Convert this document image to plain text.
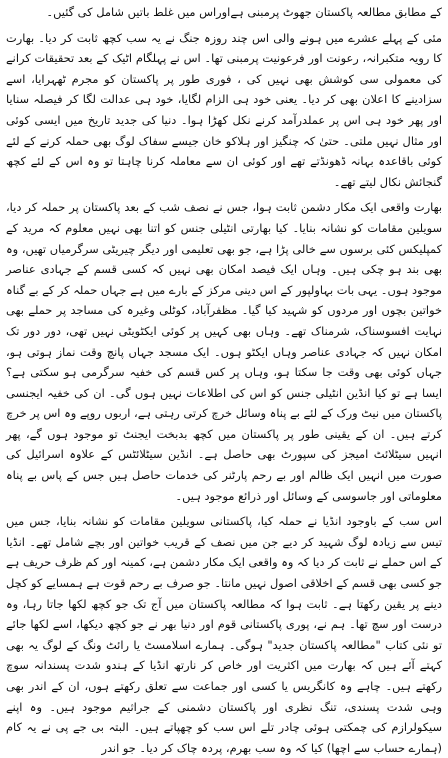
کے مطابق مطالعہ پاکستان جھوٹ پرمبنی ہےاوراس میں غلط باتیں شامل کی گئیں۔

مئی کے پہلے عشرے میں ہونے والی اس چند روزہ جنگ نے یہ سب کچھ ثابت کر دیا۔ بھارت کا رویہ متکبرانہ، رعونت اور فرعونیت پرمبنی تھا۔ اس نے پہلگام اٹیک کے بعد تحقیقات کرانے کی معمولی سی کوشش بھی نہیں کی ، فوری طور پر پاکستان کو مجرم ٹھہرایا، اسے سزادینے کا اعلان بھی کر دیا۔ یعنی خود ہی الزام لگایا، خود ہی عدالت لگا کر فیصلہ سنایا اور پھر خود ہی اس پر عملدرآمد کرنے نکل کھڑا ہوا۔ دنیا کی جدید تاریخ میں ایسی کوئی اور مثال نہیں ملتی۔ حتیٰ کہ چنگیز اور ہلاکو خان جیسے سفاک لوگ بھی حملہ کرنے کے لئے کوئی باقاعدہ بہانہ ڈھونڈتے تھے اور کوئی ان سے معاملہ کرنا چاہتا تو وہ اس کے لئے کچھ گنجائش نکال لیتے تھے۔

بھارت واقعی ایک مکار دشمن ثابت ہوا، جس نے نصف شب کے بعد پاکستان پر حملہ کر دیا، سویلین مقامات کو نشانہ بنایا۔ کیا بھارتی انٹیلی جنس کو اتنا بھی نہیں معلوم کہ مرید کے کمپلیکس کئی برسوں سے خالی پڑا ہے، جو بھی تعلیمی اور دیگر چیریٹی سرگرمیاں تھیں، وہ بھی بند ہو چکی ہیں۔ وہاں ایک فیصد امکان بھی نہیں کہ کسی قسم کے جہادی عناصر موجود ہوں۔ یہی بات بہاولپور کے اس دینی مرکز کے بارے میں ہے جہاں حملہ کر کے بے گناہ خواتین بچوں اور مردوں کو شہید کیا گیا۔ مظفرآباد، کوٹلی وغیرہ کی مساجد پر حملے بھی نہایت افسوسناک، شرمناک تھے۔ وہاں بھی کہیں پر کوئی ایکٹویٹی نہیں تھی، دور دور تک امکان نہیں کہ جہادی عناصر وہاں ایکٹو ہوں۔ ایک مسجد جہاں پانچ وقت نماز ہوتی ہو، جہاں کوئی بھی وقت جا سکتا ہو، وہاں پر کس قسم کی خفیہ سرگرمی ہو سکتی ہے؟ ایسا ہے تو کیا انڈین انٹیلی جنس کو اس کی اطلاعات نہیں ہوں گی۔ ان کی خفیہ ایجنسی پاکستان میں نیٹ ورک کے لئے بے پناہ وسائل خرچ کرتی رہتی ہے، اربوں روپے وہ اس پر خرچ کرتے ہیں۔ ان کے یقینی طور پر پاکستان میں کچھ بدبخت ایجنٹ تو موجود ہوں گے، پھر انہیں سیٹلائٹ امیجز کی سپورٹ بھی حاصل ہے۔ انڈین سیٹلائٹس کے علاوہ اسرائیل کی صورت میں انہیں ایک ظالم اور بے رحم پارٹنر کی خدمات حاصل ہیں جس کے پاس بے پناہ معلوماتی اور جاسوسی کے وسائل اور ذرائع موجود ہیں۔

اس سب کے باوجود انڈیا نے حملہ کیا، پاکستانی سویلین مقامات کو نشانہ بنایا، جس میں تیس سے زیادہ لوگ شہید کر دیے جن میں نصف کے قریب خواتین اور بچے شامل تھے۔ انڈیا کے اس حملے نے ثابت کر دیا کہ وہ واقعی ایک مکار دشمن ہے، کمینہ اور کم ظرف حریف ہے جو کسی بھی قسم کے اخلاقی اصول نہیں مانتا۔ جو صرف بے رحم قوت ہے ہمسایے کو کچل دینے پر یقین رکھتا ہے۔ ثابت ہوا کہ مطالعہ پاکستان میں آج تک جو کچھ لکھا جاتا رہا، وہ درست اور سچ تھا۔ ہم نے، پوری پاکستانی قوم اور دنیا بھر نے جو کچھ دیکھا، اسے لکھا جائے تو نئی کتاب "مطالعہ پاکستان جدید" ہوگی۔ ہمارے اسلامسٹ یا رائٹ ونگ کے لوگ یہ بھی کہتے آئے ہیں کہ بھارت میں اکثریت اور خاص کر نارتھ انڈیا کے ہندو شدت پسندانہ سوچ رکھتے ہیں۔ چاہے وہ کانگریس یا کسی اور جماعت سے تعلق رکھتے ہوں، ان کے اندر بھی وہی شدت پسندی، تنگ نظری اور پاکستان دشمنی کے جراثیم موجود ہیں۔ وہ اپنے سیکولرازم کی چمکتی ہوئی چادر تلے اس سب کو چھپاتے ہیں۔ البتہ بی جے پی نے یہ کام (ہمارے حساب سے اچھا) کیا کہ وہ سب بھرم، پردہ چاک کر دیا۔ جو اندر
